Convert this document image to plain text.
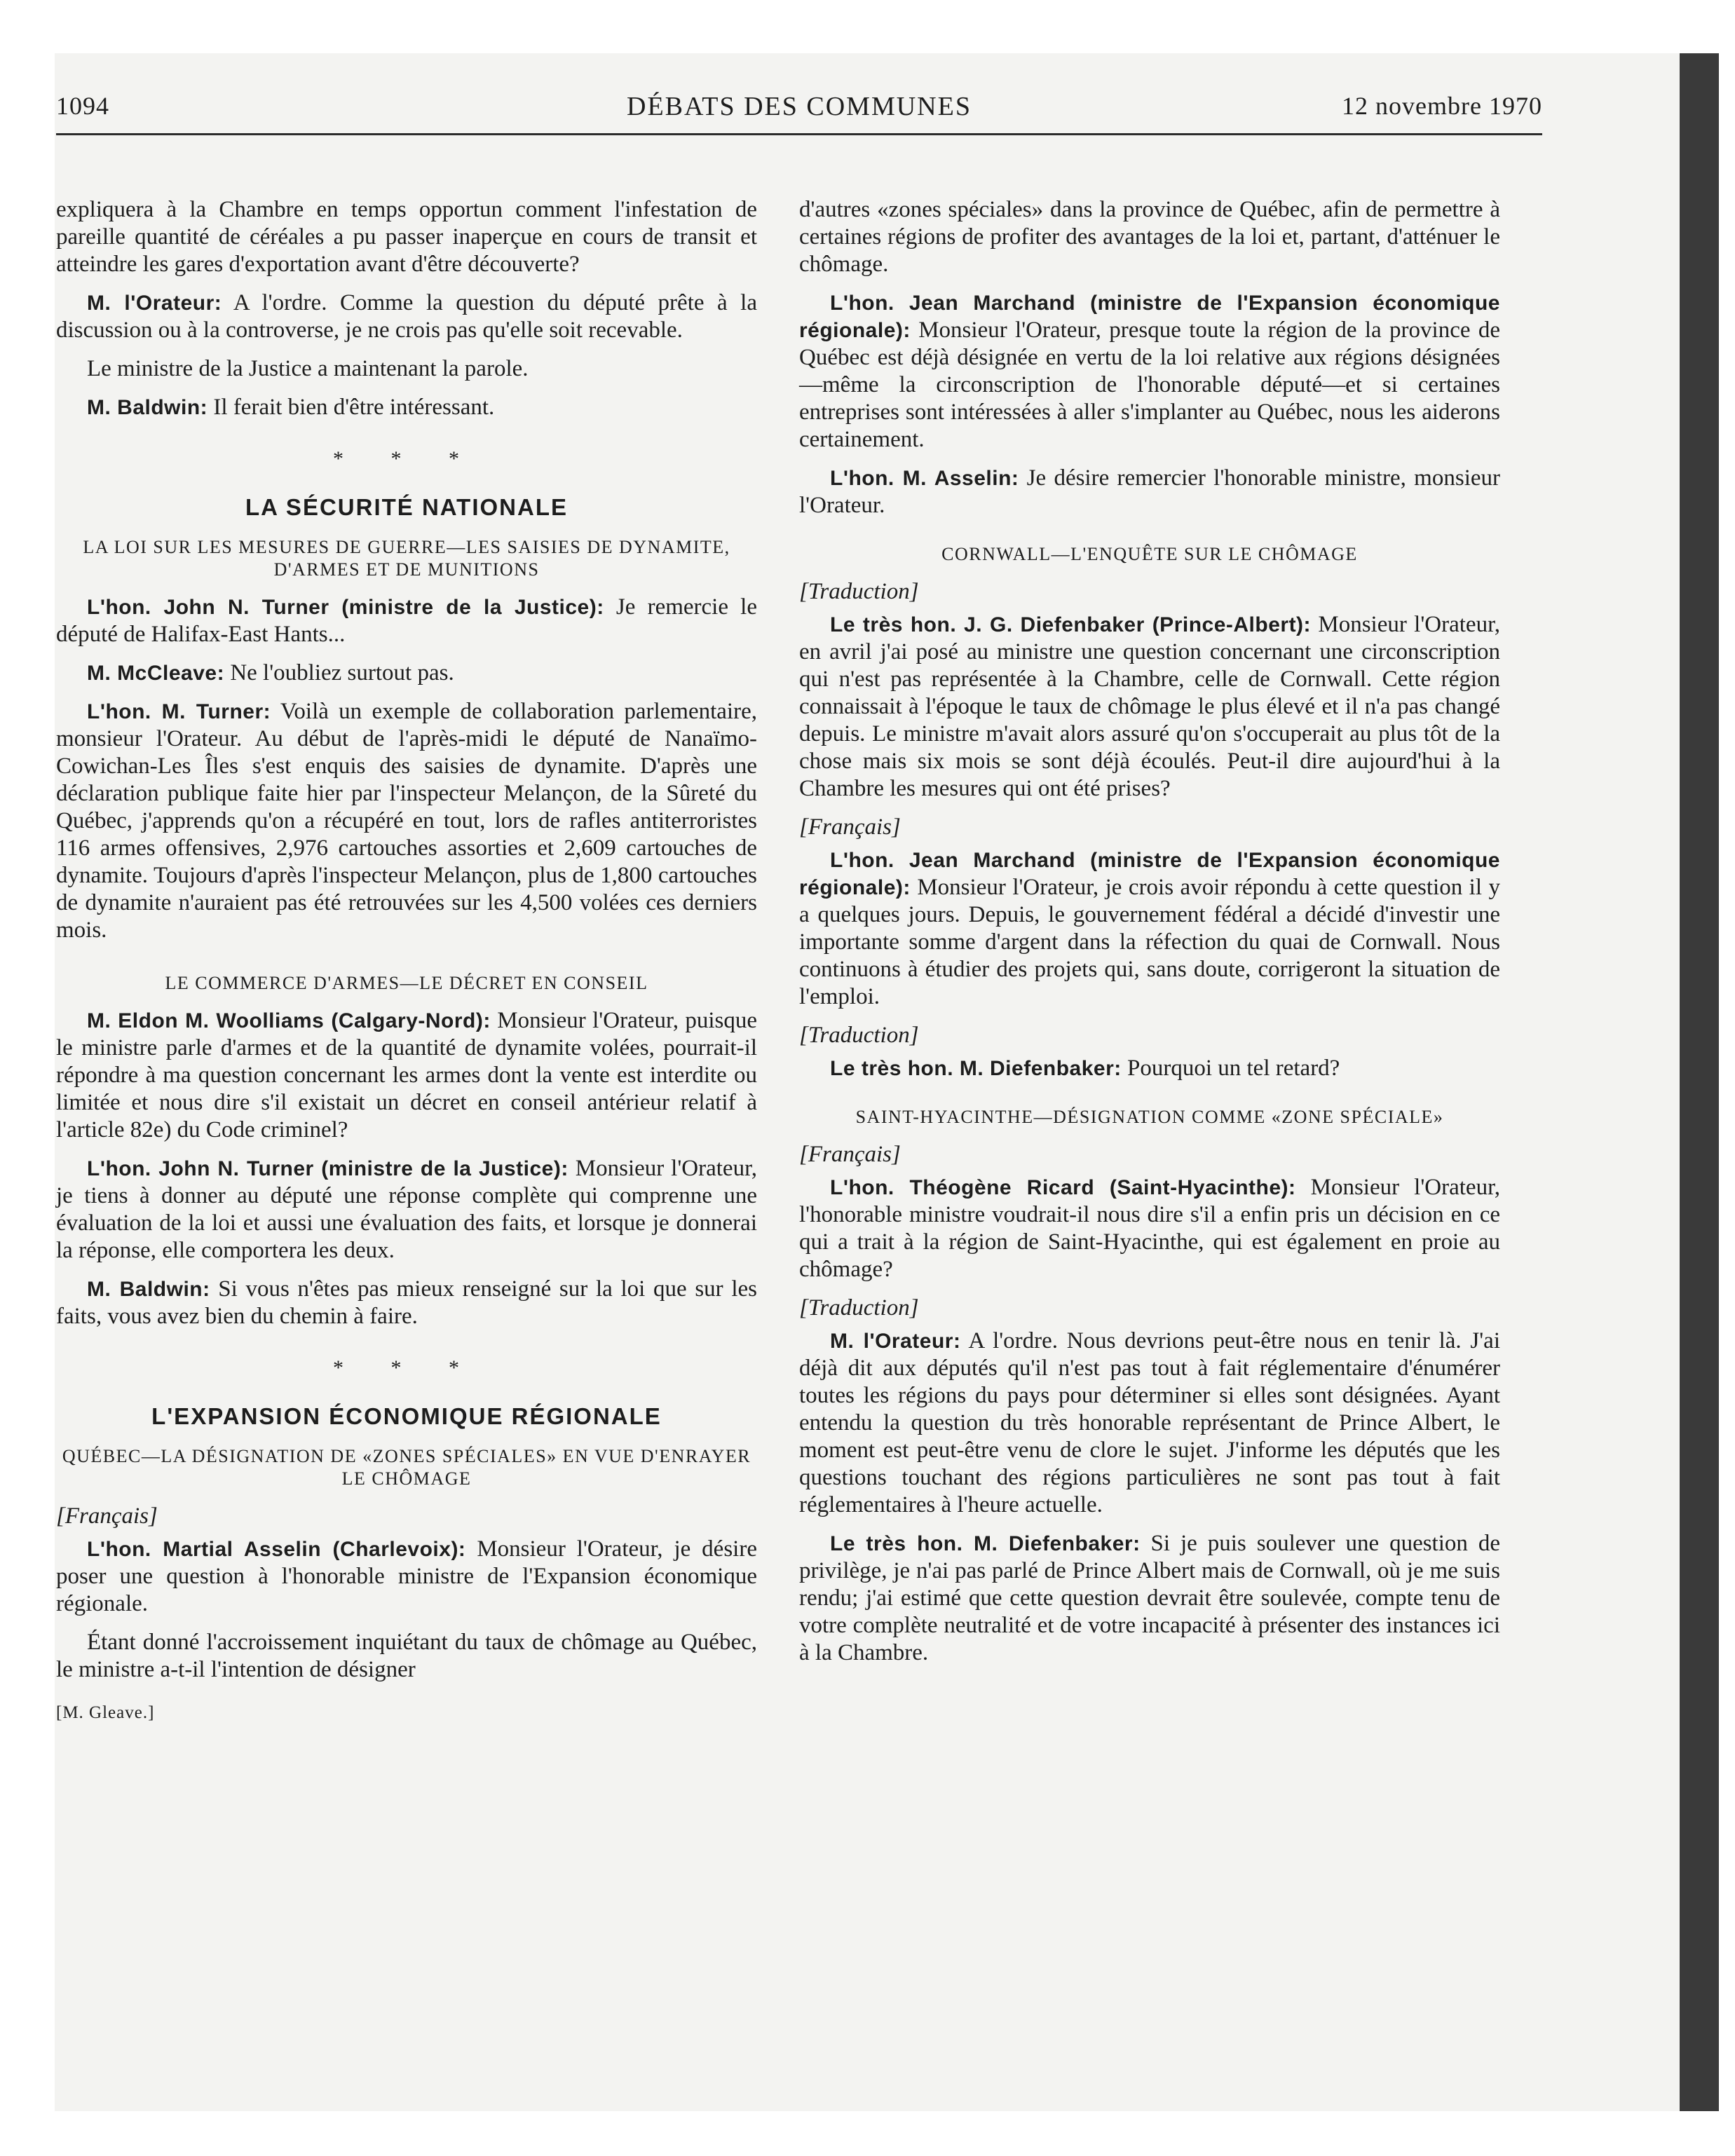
1094	DÉBATS DES COMMUNES	12 novembre 1970

expliquera à la Chambre en temps opportun comment l'infestation de pareille quantité de céréales a pu passer inaperçue en cours de transit et atteindre les gares d'exportation avant d'être découverte?

M. l'Orateur: A l'ordre. Comme la question du député prête à la discussion ou à la controverse, je ne crois pas qu'elle soit recevable.

Le ministre de la Justice a maintenant la parole.

M. Baldwin: Il ferait bien d'être intéressant.

* * *
LA SÉCURITÉ NATIONALE
LA LOI SUR LES MESURES DE GUERRE—LES SAISIES DE DYNAMITE, D'ARMES ET DE MUNITIONS

L'hon. John N. Turner (ministre de la Justice): Je remercie le député de Halifax-East Hants...

M. McCleave: Ne l'oubliez surtout pas.

L'hon. M. Turner: Voilà un exemple de collaboration parlementaire, monsieur l'Orateur. Au début de l'après-midi le député de Nanaïmo-Cowichan-Les Îles s'est enquis des saisies de dynamite. D'après une déclaration publique faite hier par l'inspecteur Melançon, de la Sûreté du Québec, j'apprends qu'on a récupéré en tout, lors de rafles antiterroristes 116 armes offensives, 2,976 cartouches assorties et 2,609 cartouches de dynamite. Toujours d'après l'inspecteur Melançon, plus de 1,800 cartouches de dynamite n'auraient pas été retrouvées sur les 4,500 volées ces derniers mois.

LE COMMERCE D'ARMES—LE DÉCRET EN CONSEIL

M. Eldon M. Woolliams (Calgary-Nord): Monsieur l'Orateur, puisque le ministre parle d'armes et de la quantité de dynamite volées, pourrait-il répondre à ma question concernant les armes dont la vente est interdite ou limitée et nous dire s'il existait un décret en conseil antérieur relatif à l'article 82e) du Code criminel?

L'hon. John N. Turner (ministre de la Justice): Monsieur l'Orateur, je tiens à donner au député une réponse complète qui comprenne une évaluation de la loi et aussi une évaluation des faits, et lorsque je donnerai la réponse, elle comportera les deux.

M. Baldwin: Si vous n'êtes pas mieux renseigné sur la loi que sur les faits, vous avez bien du chemin à faire.

* * *
L'EXPANSION ÉCONOMIQUE RÉGIONALE
QUÉBEC—LA DÉSIGNATION DE «ZONES SPÉCIALES» EN VUE D'ENRAYER LE CHÔMAGE
[Français]

L'hon. Martial Asselin (Charlevoix): Monsieur l'Orateur, je désire poser une question à l'honorable ministre de l'Expansion économique régionale.

Étant donné l'accroissement inquiétant du taux de chômage au Québec, le ministre a-t-il l'intention de désigner

[M. Gleave.]

d'autres «zones spéciales» dans la province de Québec, afin de permettre à certaines régions de profiter des avantages de la loi et, partant, d'atténuer le chômage.

L'hon. Jean Marchand (ministre de l'Expansion économique régionale): Monsieur l'Orateur, presque toute la région de la province de Québec est déjà désignée en vertu de la loi relative aux régions désignées—même la circonscription de l'honorable député—et si certaines entreprises sont intéressées à aller s'implanter au Québec, nous les aiderons certainement.

L'hon. M. Asselin: Je désire remercier l'honorable ministre, monsieur l'Orateur.

CORNWALL—L'ENQUÊTE SUR LE CHÔMAGE
[Traduction]

Le très hon. J. G. Diefenbaker (Prince-Albert): Monsieur l'Orateur, en avril j'ai posé au ministre une question concernant une circonscription qui n'est pas représentée à la Chambre, celle de Cornwall. Cette région connaissait à l'époque le taux de chômage le plus élevé et il n'a pas changé depuis. Le ministre m'avait alors assuré qu'on s'occuperait au plus tôt de la chose mais six mois se sont déjà écoulés. Peut-il dire aujourd'hui à la Chambre les mesures qui ont été prises?

[Français]

L'hon. Jean Marchand (ministre de l'Expansion économique régionale): Monsieur l'Orateur, je crois avoir répondu à cette question il y a quelques jours. Depuis, le gouvernement fédéral a décidé d'investir une importante somme d'argent dans la réfection du quai de Cornwall. Nous continuons à étudier des projets qui, sans doute, corrigeront la situation de l'emploi.

[Traduction]

Le très hon. M. Diefenbaker: Pourquoi un tel retard?

SAINT-HYACINTHE—DÉSIGNATION COMME «ZONE SPÉCIALE»
[Français]

L'hon. Théogène Ricard (Saint-Hyacinthe): Monsieur l'Orateur, l'honorable ministre voudrait-il nous dire s'il a enfin pris un décision en ce qui a trait à la région de Saint-Hyacinthe, qui est également en proie au chômage?

[Traduction]

M. l'Orateur: A l'ordre. Nous devrions peut-être nous en tenir là. J'ai déjà dit aux députés qu'il n'est pas tout à fait réglementaire d'énumérer toutes les régions du pays pour déterminer si elles sont désignées. Ayant entendu la question du très honorable représentant de Prince Albert, le moment est peut-être venu de clore le sujet. J'informe les députés que les questions touchant des régions particulières ne sont pas tout à fait réglementaires à l'heure actuelle.

Le très hon. M. Diefenbaker: Si je puis soulever une question de privilège, je n'ai pas parlé de Prince Albert mais de Cornwall, où je me suis rendu; j'ai estimé que cette question devrait être soulevée, compte tenu de votre complète neutralité et de votre incapacité à présenter des instances ici à la Chambre.
